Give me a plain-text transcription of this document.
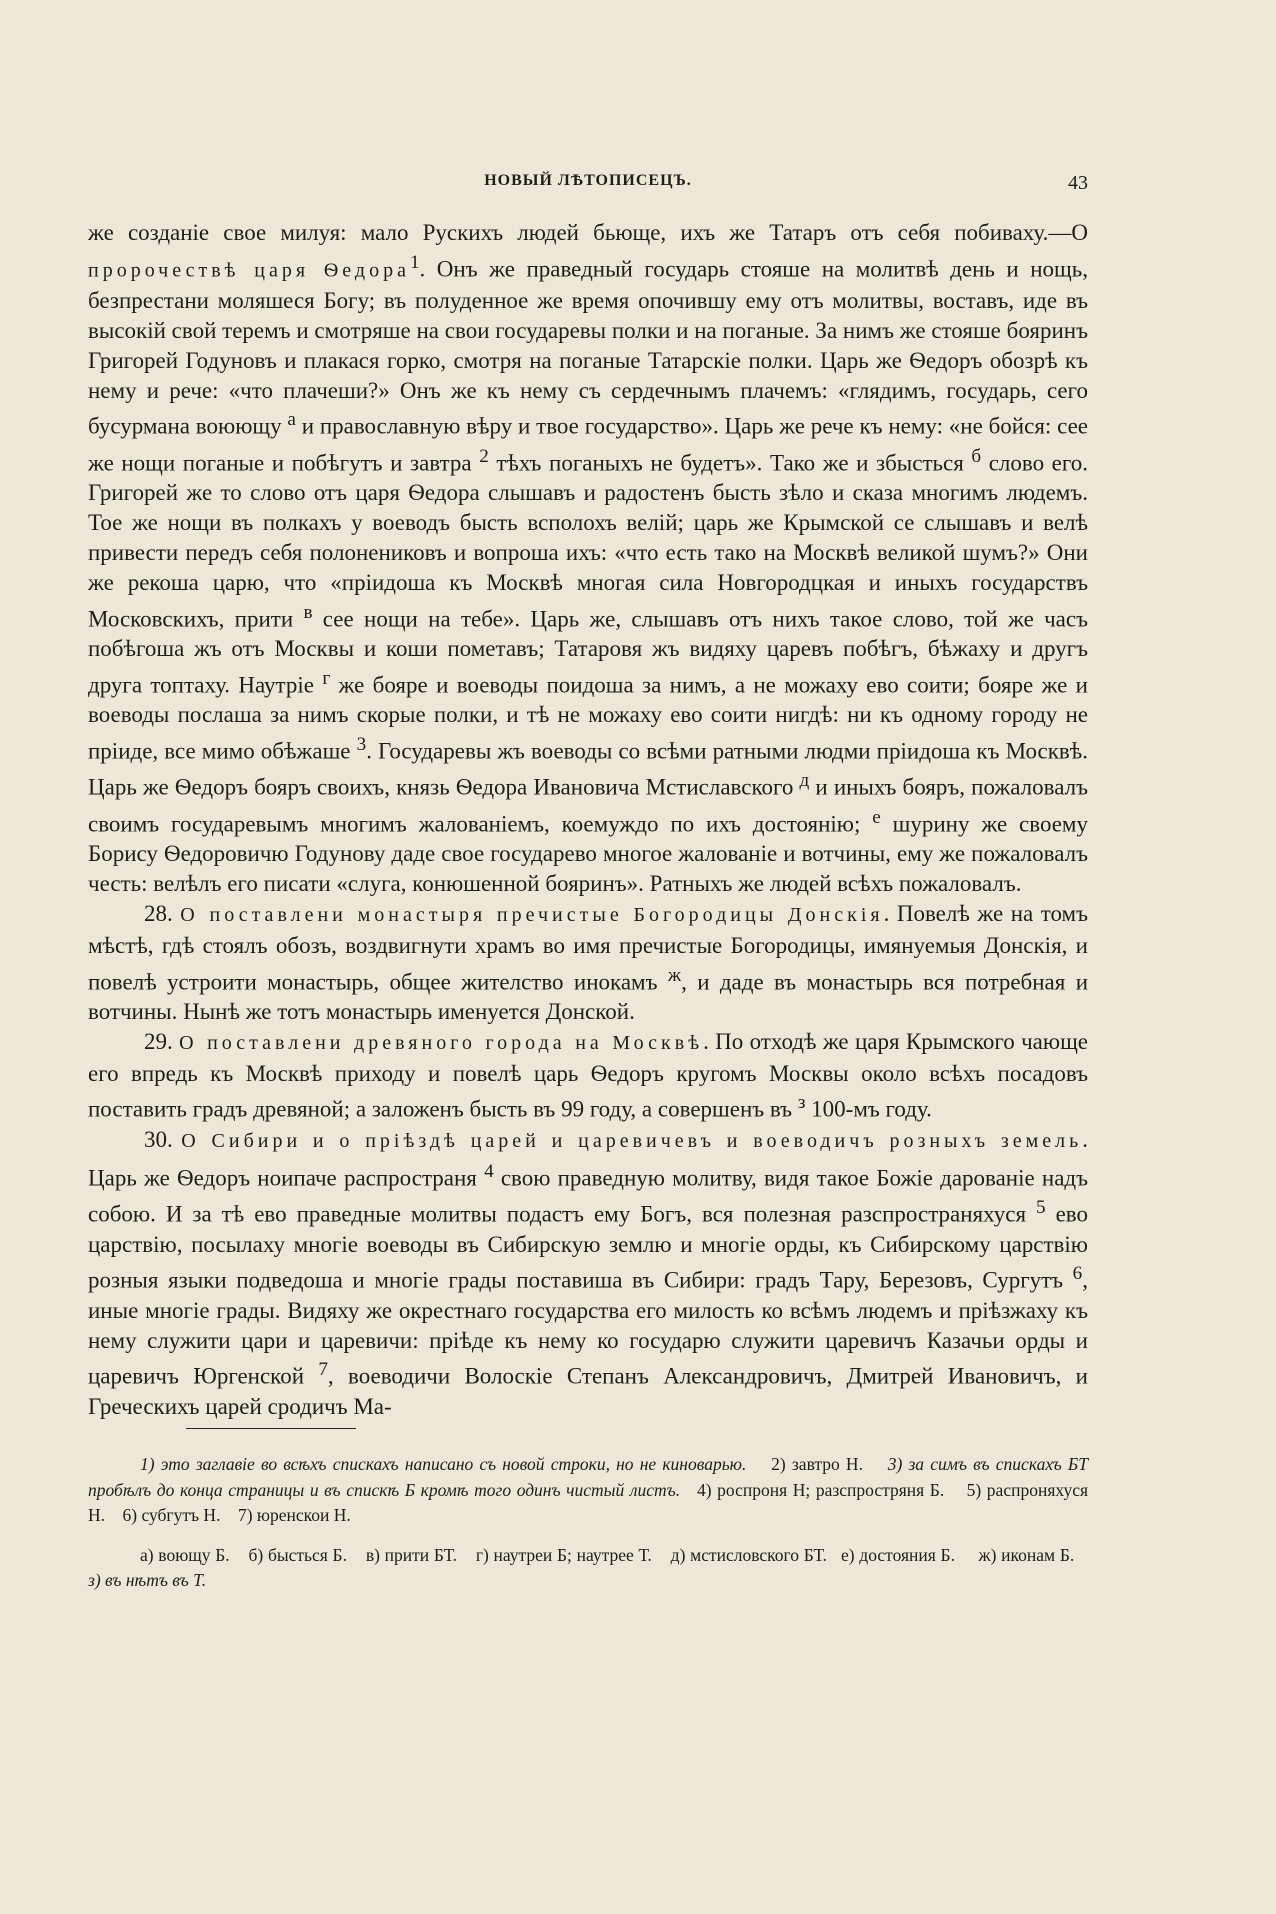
НОВЫЙ ЛѢТОПИСЕЦЪ.	43

же созданіе свое милуя: мало Рускихъ людей бьюще, ихъ же Татаръ отъ себя побиваху.—О пророчествѣ царя Ѳедора$^1$. Онъ же праведный государь стояше на молитвѣ день и нощь, безпрестани моляшеся Богу; въ полуденное же время опочившу ему отъ молитвы, воставъ, иде въ высокій свой теремъ и смотряше на свои государевы полки и на поганые. За нимъ же стояше бояринъ Григорей Годуновъ и плакася горко, смотря на поганые Татарскіе полки. Царь же Ѳедоръ обозрѣ къ нему и рече: «что плачеши?» Онъ же къ нему съ сердечнымъ плачемъ: «глядимъ, государь, сего бусурмана воюющу $^а$ и православную вѣру и твое государство». Царь же рече къ нему: «не бойся: сее же нощи поганые и побѣгутъ и завтра $^2$ тѣхъ поганыхъ не будетъ». Тако же и збысться $^б$ слово его. Григорей же то слово отъ царя Ѳедора слышавъ и радостенъ бысть зѣло и сказа многимъ людемъ. Тое же нощи въ полкахъ у воеводъ бысть всполохъ велій; царь же Крымской се слышавъ и велѣ привести передъ себя полонениковъ и вопроша ихъ: «что есть тако на Москвѣ великой шумъ?» Они же рекоша царю, что «пріидоша къ Москвѣ многая сила Новгородцкая и иныхъ государствъ Московскихъ, прити $^в$ сее нощи на тебе». Царь же, слышавъ отъ нихъ такое слово, той же часъ побѣгоша жъ отъ Москвы и коши пометавъ; Татаровя жъ видяху царевъ побѣгъ, бѣжаху и другъ друга топтаху. Наутріе $^г$ же бояре и воеводы поидоша за нимъ, а не можаху ево соити; бояре же и воеводы послаша за нимъ скорые полки, и тѣ не можаху ево соити нигдѣ: ни къ одному городу не пріиде, все мимо обѣжаше $^3$. Государевы жъ воеводы со всѣми ратными людми пріидоша къ Москвѣ. Царь же Ѳедоръ бояръ своихъ, князь Ѳедора Ивановича Мстиславского $^д$ и иныхъ бояръ, пожаловалъ своимъ государевымъ многимъ жалованіемъ, коемуждо по ихъ достоянію; $^е$ шурину же своему Борису Ѳедоровичю Годунову даде свое государево многое жалованіе и вотчины, ему же пожаловалъ честь: велѣлъ его писати «слуга, конюшенной бояринъ». Ратныхъ же людей всѣхъ пожаловалъ.

28. О поставлени монастыря пречистые Богородицы Донскія. Повелѣ же на томъ мѣстѣ, гдѣ стоялъ обозъ, воздвигнути храмъ во имя пречистые Богородицы, имянуемыя Донскія, и повелѣ устроити монастырь, общее жителство инокамъ $^ж$, и даде въ монастырь вся потребная и вотчины. Нынѣ же тотъ монастырь именуется Донской.

29. О поставлени древяного города на Москвѣ. По отходѣ же царя Крымского чающе его впредь къ Москвѣ приходу и повелѣ царь Ѳедоръ кругомъ Москвы около всѣхъ посадовъ поставить градъ древяной; а заложенъ бысть въ 99 году, а совершенъ въ $^з$ 100-мъ году.

30. О Сибири и о пріѣздѣ царей и царевичевъ и воеводичъ розныхъ земель. Царь же Ѳедоръ ноипаче распространя $^4$ свою праведную молитву, видя такое Божіе дарованіе надъ собою. И за тѣ ево праведные молитвы подастъ ему Богъ, вся полезная разспространяхуся $^5$ ево царствію, посылаху многіе воеводы въ Сибирскую землю и многіе орды, къ Сибирскому царствію розныя языки подведоша и многіе грады поставиша въ Сибири: градъ Тару, Березовъ, Сургутъ $^6$, иные многіе грады. Видяху же окрестнаго государства его милость ко всѣмъ людемъ и пріѣзжаху къ нему служити цари и царевичи: пріѣде къ нему ко государю служити царевичъ Казачьи орды и царевичъ Юргенской $^7$, воеводичи Волоскіе Степанъ Александровичъ, Дмитрей Ивановичъ, и Греческихъ царей сродичъ Ма-

1) это заглавіе во всѣхъ спискахъ написано съ новой строки, но не киноварью. 2) завтро Н. 3) за симъ въ спискахъ БТ пробѣлъ до конца страницы и въ спискѣ Б кромѣ того одинъ чистый листъ. 4) роспроня Н; разспростряня Б. 5) распроняхуся Н. 6) субгутъ Н. 7) юренскои Н.

а) воющу Б. б) бысться Б. в) прити БТ. г) наутреи Б; наутрее Т. д) мстисловского БТ. е) достояния Б. ж) иконам Б.    з) въ нѣтъ въ Т.
